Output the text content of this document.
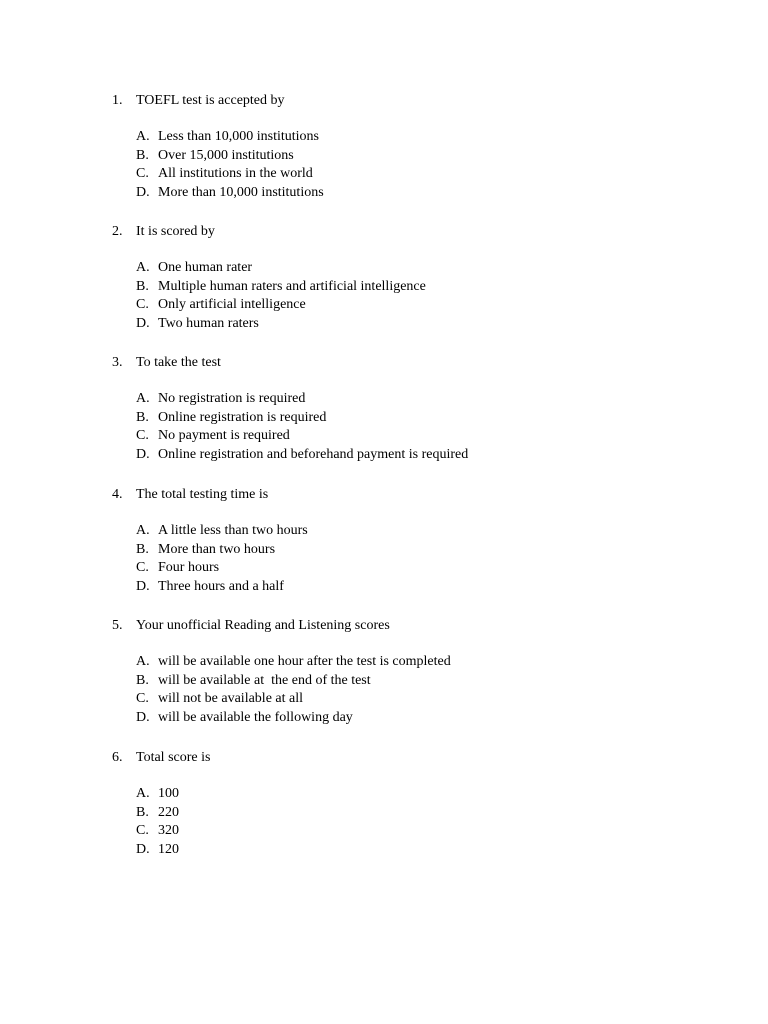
1. TOEFL test is accepted by
A. Less than 10,000 institutions
B. Over 15,000 institutions
C. All institutions in the world
D. More than 10,000 institutions
2. It is scored by
A. One human rater
B. Multiple human raters and artificial intelligence
C. Only artificial intelligence
D. Two human raters
3. To take the test
A. No registration is required
B. Online registration is required
C. No payment is required
D. Online registration and beforehand payment is required
4. The total testing time is
A. A little less than two hours
B. More than two hours
C. Four hours
D. Three hours and a half
5. Your unofficial Reading and Listening scores
A. will be available one hour after the test is completed
B. will be available at  the end of the test
C. will not be available at all
D. will be available the following day
6. Total score is
A. 100
B. 220
C. 320
D. 120
